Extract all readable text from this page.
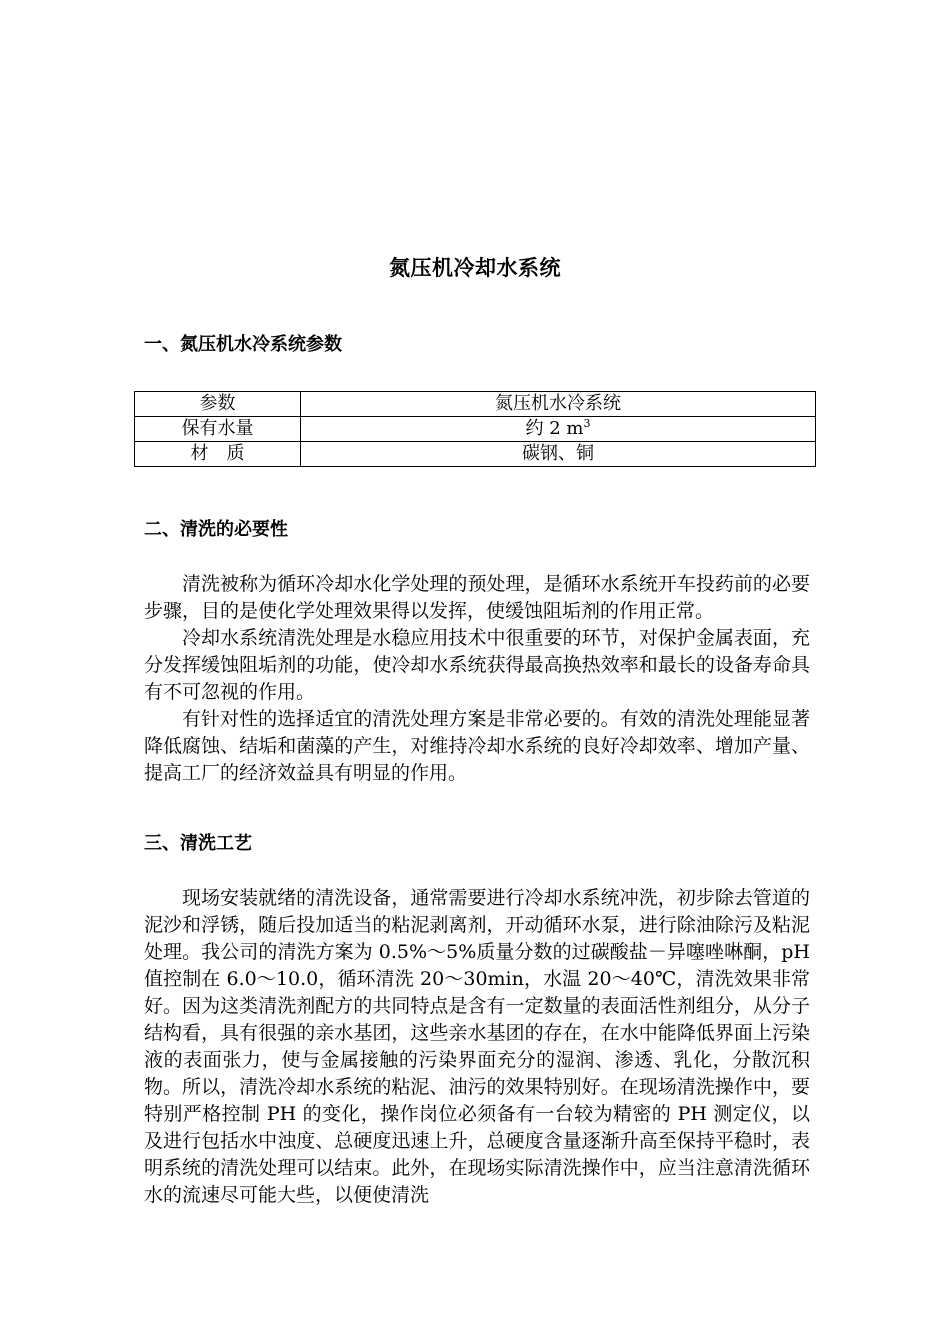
氮压机冷却水系统
一、氮压机水冷系统参数
参数	氮压机水冷系统
保有水量	约 2 $m^3$
材　质	碳钢、铜
二、清洗的必要性

清洗被称为循环冷却水化学处理的预处理，是循环水系统开车投药前的必要步骤，目的是使化学处理效果得以发挥，使缓蚀阻垢剂的作用正常。

冷却水系统清洗处理是水稳应用技术中很重要的环节，对保护金属表面，充分发挥缓蚀阻垢剂的功能，使冷却水系统获得最高换热效率和最长的设备寿命具有不可忽视的作用。

有针对性的选择适宜的清洗处理方案是非常必要的。有效的清洗处理能显著降低腐蚀、结垢和菌藻的产生，对维持冷却水系统的良好冷却效率、增加产量、提高工厂的经济效益具有明显的作用。

三、清洗工艺

现场安装就绪的清洗设备，通常需要进行冷却水系统冲洗，初步除去管道的泥沙和浮锈，随后投加适当的粘泥剥离剂，开动循环水泵，进行除油除污及粘泥处理。我公司的清洗方案为 0.5%～5%质量分数的过碳酸盐－异噻唑啉酮，pH 值控制在 6.0～10.0，循环清洗 20～30min，水温 20～40℃，清洗效果非常好。因为这类清洗剂配方的共同特点是含有一定数量的表面活性剂组分，从分子结构看，具有很强的亲水基团，这些亲水基团的存在，在水中能降低界面上污染液的表面张力，使与金属接触的污染界面充分的湿润、渗透、乳化，分散沉积物。所以，清洗冷却水系统的粘泥、油污的效果特别好。在现场清洗操作中，要特别严格控制 PH 的变化，操作岗位必须备有一台较为精密的 PH 测定仪，以及进行包括水中浊度、总硬度迅速上升，总硬度含量逐渐升高至保持平稳时，表明系统的清洗处理可以结束。此外，在现场实际清洗操作中，应当注意清洗循环水的流速尽可能大些，以便使清洗
